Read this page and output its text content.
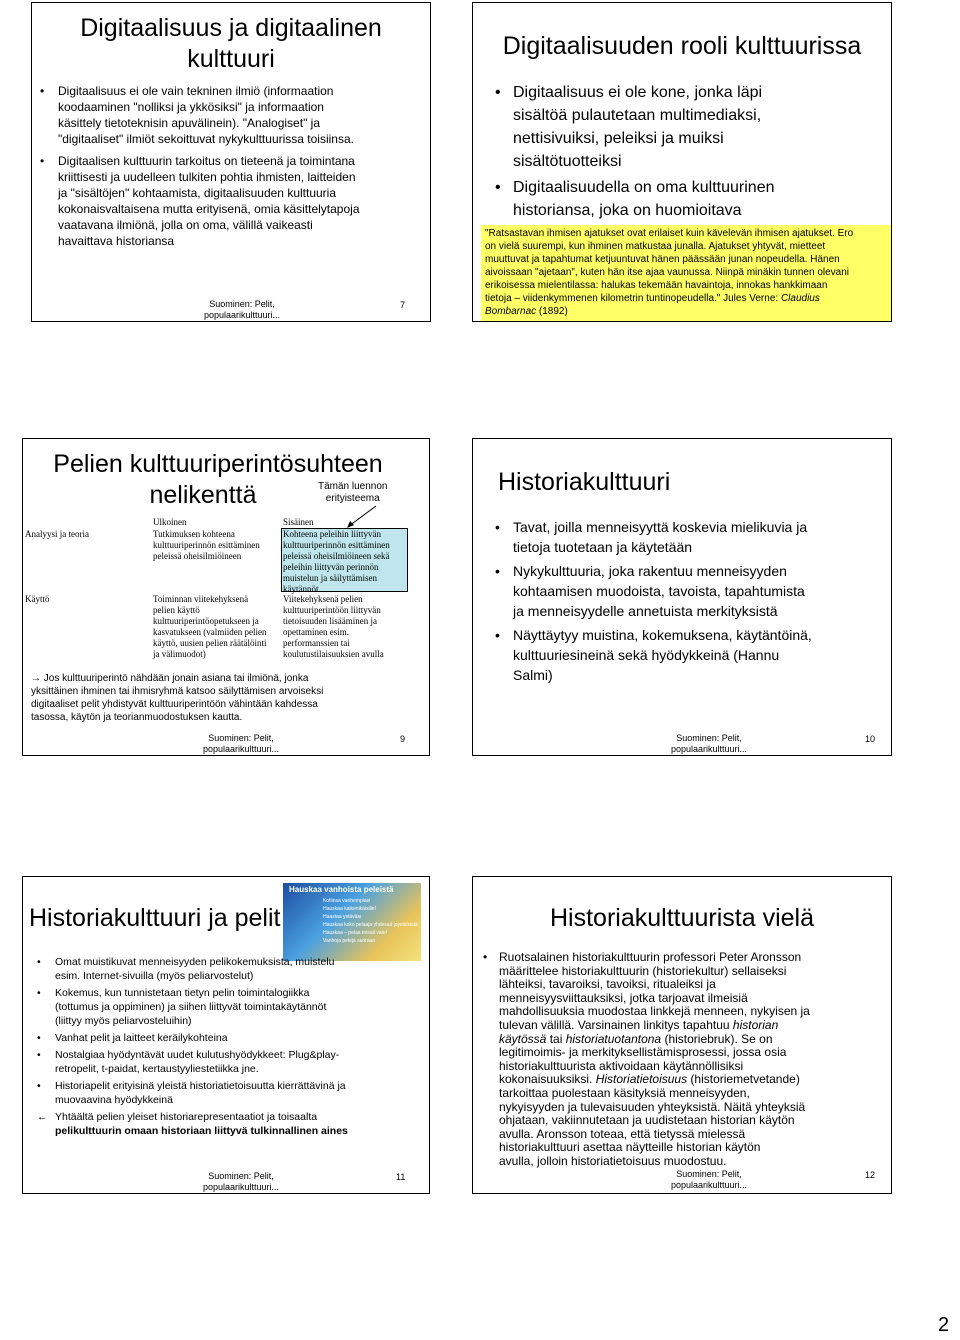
Digitaalisuus ja digitaalinen
kulttuuri
• Digitaalisuus ei ole vain tekninen ilmiö (informaation
koodaaminen "nolliksi ja ykkösiksi" ja informaation
käsittely tietoteknisin apuvälinein). "Analogiset" ja
"digitaaliset" ilmiöt sekoittuvat nykykulttuurissa toisiinsa.
• Digitaalisen kulttuurin tarkoitus on tieteenä ja toimintana
kriittisesti ja uudelleen tulkiten pohtia ihmisten, laitteiden
ja "sisältöjen" kohtaamista, digitaalisuuden kulttuuria
kokonaisvaltaisena mutta erityisenä, omia käsittelytapoja
vaatavana ilmiönä, jolla on oma, välillä vaikeasti
havaittava historiansa
Suominen: Pelit,
populaarikulttuuri...
7
Digitaalisuuden rooli kulttuurissa
• Digitaalisuus ei ole kone, jonka läpi
sisältöä pulautetaan multimediaksi,
nettisivuiksi, peleiksi ja muiksi
sisältötuotteiksi
• Digitaalisuudella on oma kulttuurinen
historiansa, joka on huomioitava
"Ratsastavan ihmisen ajatukset ovat erilaiset kuin kävelevän ihmisen ajatukset. Ero
on vielä suurempi, kun ihminen matkustaa junalla. Ajatukset yhtyvät, mietteet
muuttuvat ja tapahtumat ketjuuntuvat hänen päässään junan nopeudella. Hänen
aivoissaan "ajetaan", kuten hän itse ajaa vaunussa. Niinpä minäkin tunnen olevani
erikoisessa mielentilassa: halukas tekemään havaintoja, innokas hankkimaan
tietoja – viidenkymmenen kilometrin tuntinopeudella." Jules Verne: Claudius
Bombarnac (1892)
Pelien kulttuuriperintösuhteen
nelikenttä	Tämän luennon
erityisteema
Ulkoinen	Sisäinen
Analyysi ja teoria
Käyttö
Tutkimuksen kohteena
kulttuuriperinnön esittäminen
peleissä oheisilmiöineen
Kohteena peleihin liittyvän
kulttuuriperinnön esittäminen
peleissä oheisilmiöineen sekä
peleihin liittyvän perinnön
muistelun ja säilyttämisen
käytännöt
Toiminnan viitekehyksenä
pelien käyttö
kulttuuriperintöopetukseen ja
kasvatukseen (valmiiden pelien
käyttö, uusien pelien räätälöinti
ja välimuodot)
Viitekehyksenä pelien
kulttuuriperintöön liittyvän
tietoisuuden lisääminen ja
opettaminen esim.
performanssien tai
koulutustilaisuuksien avulla
→ Jos kulttuuriperintö nähdään jonain asiana tai ilmiönä, jonka
yksittäinen ihminen tai ihmisryhmä katsoo säilyttämisen arvoiseksi
digitaaliset pelit yhdistyvät kulttuuriperintöön vähintään kahdessa
tasossa, käytön ja teorianmuodostuksen kautta.
Suominen: Pelit,
populaarikulttuuri...
9
Historiakulttuuri
• Tavat, joilla menneisyyttä koskevia mielikuvia ja
tietoja tuotetaan ja käytetään
• Nykykulttuuria, joka rakentuu menneisyyden
kohtaamisen muodoista, tavoista, tapahtumista
ja menneisyydelle annetuista merkityksistä
• Näyttäytyy muistina, kokemuksena, käytäntöinä,
kulttuuriesineinä sekä hyödykkeinä (Hannu
Salmi)
Suominen: Pelit,
populaarikulttuuri...
10
Hauskaa vanhoista peleistä
Kotiinsa vanhempiasi
Hauskaa kaikenikäisille!
Haastaa ystäväsi
Hauskaa koko pelaaja yhdessä joystickistä
Hauskaa – pelaa missä vain!
Vanhoja pelejä suoraan
Historiakulttuuri ja pelit
• Omat muistikuvat menneisyyden pelikokemuksista, muistelu
esim. Internet-sivuilla (myös peliarvostelut)
• Kokemus, kun tunnistetaan tietyn pelin toimintalogiikka
(tottumus ja oppiminen) ja siihen liittyvät toimintakäytännöt
(liittyy myös peliarvosteluihin)
• Vanhat pelit ja laitteet keräilykohteina
• Nostalgiaa hyödyntävät uudet kulutushyödykkeet: Plug&play-
retropelit, t-paidat, kertaustyyliestetiikka jne.
• Historiapelit erityisinä yleistä historiatietoisuutta kierrättävinä ja
muovaavina hyödykkeinä
← Yhtäältä pelien yleiset historiarepresentaatiot ja toisaalta
pelikulttuurin omaan historiaan liittyvä tulkinnallinen aines
Suominen: Pelit,
populaarikulttuuri...
11
Historiakulttuurista vielä
• Ruotsalainen historiakulttuurin professori Peter Aronsson
määrittelee historiakulttuurin (historiekultur) sellaiseksi
lähteiksi, tavaroiksi, tavoiksi, ritualeiksi ja
menneisyysviittauksiksi, jotka tarjoavat ilmeisiä
mahdollisuuksia muodostaa linkkejä menneen, nykyisen ja
tulevan välillä. Varsinainen linkitys tapahtuu historian
käytössä tai historiatuotantona (historiebruk). Se on
legitimoimis- ja merkityksellistämisprosessi, jossa osia
historiakulttuurista aktivoidaan käytännöllisiksi
kokonaisuuksiksi. Historiatietoisuus (historiemetvetande)
tarkoittaa puolestaan käsityksiä menneisyyden,
nykyisyyden ja tulevaisuuden yhteyksistä. Näitä yhteyksiä
ohjataan, vakiinnutetaan ja uudistetaan historian käytön
avulla. Aronsson toteaa, että tietyssä mielessä
historiakulttuuri asettaa näytteille historian käytön
avulla, jolloin historiatietoisuus muodostuu.
Suominen: Pelit,
populaarikulttuuri...
12
2
